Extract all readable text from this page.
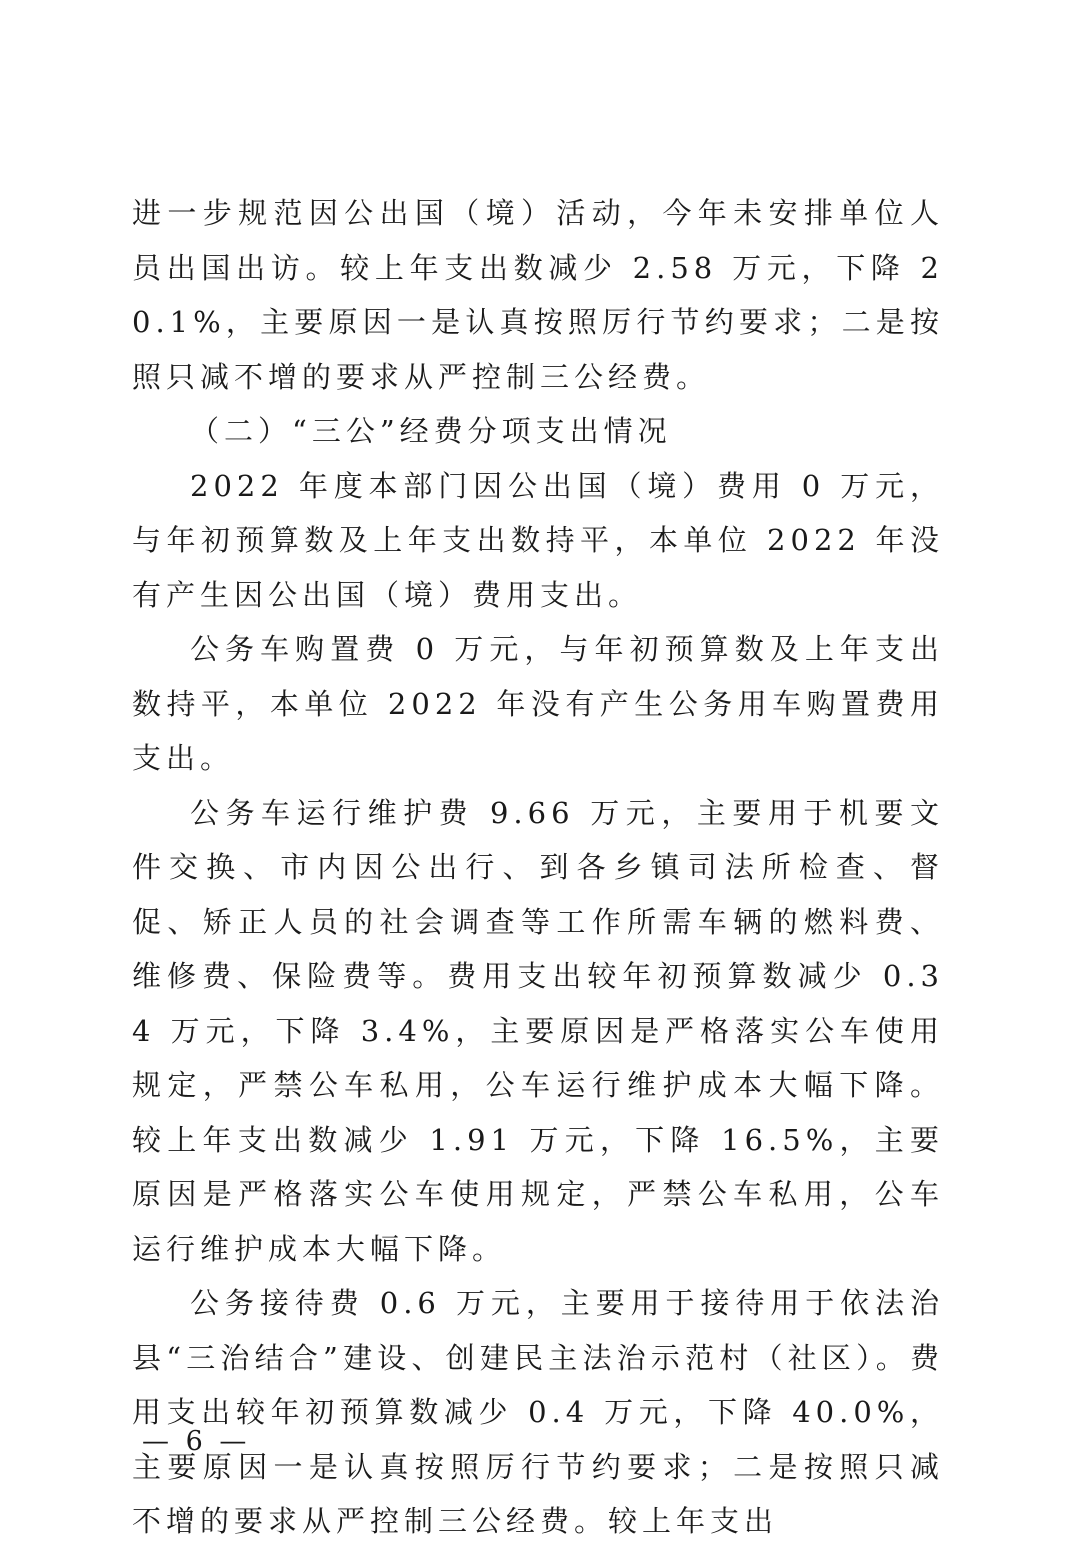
进一步规范因公出国（境）活动，今年未安排单位人员出国出访。较上年支出数减少 2.58 万元，下降 20.1%，主要原因一是认真按照厉行节约要求；二是按照只减不增的要求从严控制三公经费。

（二）“三公”经费分项支出情况

2022 年度本部门因公出国（境）费用 0 万元，与年初预算数及上年支出数持平，本单位 2022 年没有产生因公出国（境）费用支出。

公务车购置费 0 万元，与年初预算数及上年支出数持平，本单位 2022 年没有产生公务用车购置费用支出。

公务车运行维护费 9.66 万元，主要用于机要文件交换、市内因公出行、到各乡镇司法所检查、督促、矫正人员的社会调查等工作所需车辆的燃料费、维修费、保险费等。费用支出较年初预算数减少 0.34 万元，下降 3.4%，主要原因是严格落实公车使用规定，严禁公车私用，公车运行维护成本大幅下降。较上年支出数减少 1.91 万元，下降 16.5%，主要原因是严格落实公车使用规定，严禁公车私用，公车运行维护成本大幅下降。

公务接待费 0.6 万元，主要用于接待用于依法治县“三治结合”建设、创建民主法治示范村（社区）。费用支出较年初预算数减少 0.4 万元，下降 40.0%，主要原因一是认真按照厉行节约要求；二是按照只减不增的要求从严控制三公经费。较上年支出

— 6 —
